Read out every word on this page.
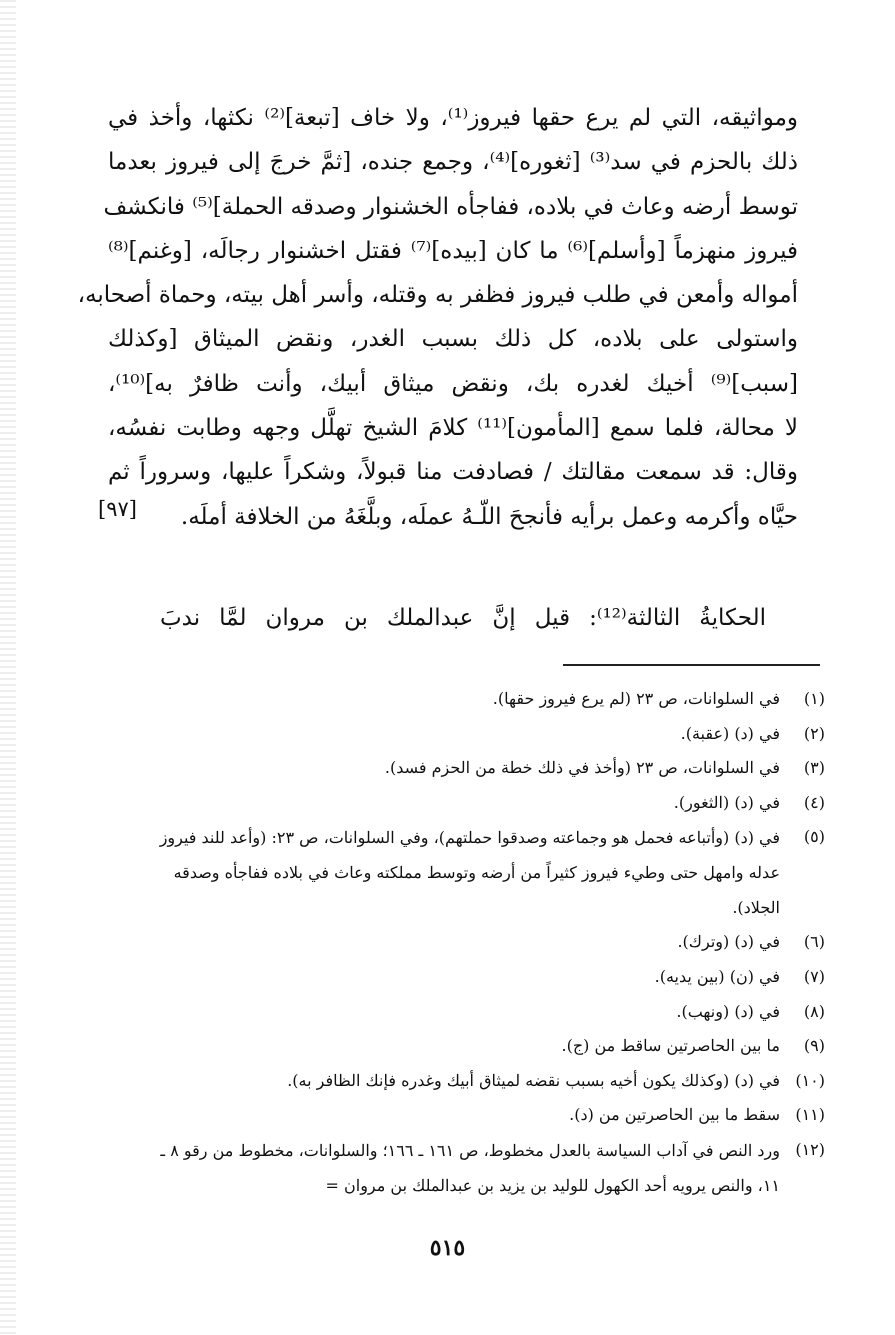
ومواثيقه، التي لم يرع حقها فيروز⁽¹⁾، ولا خاف [تبعة]⁽²⁾ نكثها، وأخذ في
ذلك بالحزم في سد⁽³⁾ [ثغوره]⁽⁴⁾، وجمع جنده، [ثمَّ خرجَ إلى فيروز بعدما
توسط أرضه وعاث في بلاده، ففاجأه الخشنوار وصدقه الحملة]⁽⁵⁾ فانكشف
فيروز منهزماً [وأسلم]⁽⁶⁾ ما كان [بيده]⁽⁷⁾ فقتل اخشنوار رجالَه، [وغنم]⁽⁸⁾
أمواله وأمعن في طلب فيروز فظفر به وقتله، وأسر أهل بيته، وحماة أصحابه،
واستولى على بلاده، كل ذلك بسبب الغدر، ونقض الميثاق [وكذلك
[سبب]⁽⁹⁾ أخيك لغدره بك، ونقض ميثاق أبيك، وأنت ظافرٌ به]⁽¹⁰⁾،
لا محالة، فلما سمع [المأمون]⁽¹¹⁾ كلامَ الشيخ تهلَّل وجهه وطابت نفسُه،
وقال: قد سمعت مقالتك / فصادفت منا قبولاً، وشكراً عليها، وسروراً ثم
حيَّاه وأكرمه وعمل برأيه فأنجحَ اللّـهُ عملَه، وبلَّغَهُ من الخلافة أملَه.
[٩٧]
الحكايةُ الثالثة⁽¹²⁾: قيل إنَّ عبدالملك بن مروان لمَّا ندبَ
(١)
في السلوانات، ص ٢٣ (لم يرع فيروز حقها).
(٢)
في (د) (عقبة).
(٣)
في السلوانات، ص ٢٣ (وأخذ في ذلك خطة من الحزم فسد).
(٤)
في (د) (الثغور).
(٥)
في (د) (وأتباعه فحمل هو وجماعته وصدقوا حملتهم)، وفي السلوانات، ص ٢٣: (وأعد للند فيروز عدله وامهل حتى وطيء فيروز كثيراً من أرضه وتوسط مملكته وعاث في بلاده ففاجأه وصدقه الجلاد).
(٦)
في (د) (وترك).
(٧)
في (ن) (بين يديه).
(٨)
في (د) (ونهب).
(٩)
ما بين الحاصرتين ساقط من (ج).
(١٠)
في (د) (وكذلك يكون أخيه بسبب نقضه لميثاق أبيك وغدره فإنك الظافر به).
(١١)
سقط ما بين الحاصرتين من (د).
(١٢)
ورد النص في آداب السياسة بالعدل مخطوط، ص ١٦١ ـ ١٦٦؛ والسلوانات، مخطوط من رقو ٨ ـ ١١، والنص يرويه أحد الكهول للوليد بن يزيد بن عبدالملك بن مروان =
٥١٥
